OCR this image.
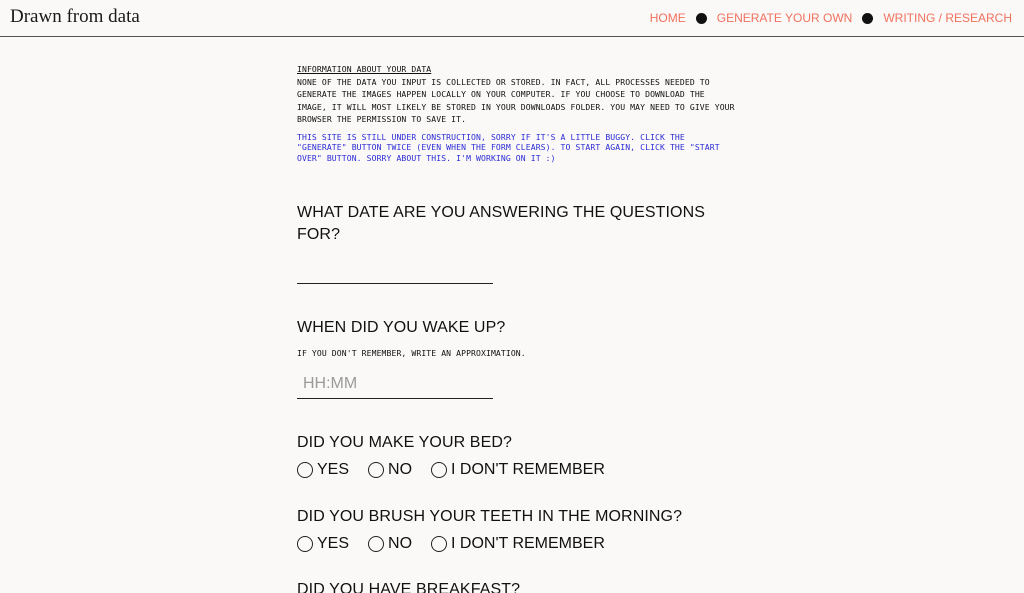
Drawn from data	HOME	GENERATE YOUR OWN	WRITING / RESEARCH

INFORMATION ABOUT YOUR DATA

NONE OF THE DATA YOU INPUT IS COLLECTED OR STORED. IN FACT, ALL PROCESSES NEEDED TO GENERATE THE IMAGES HAPPEN LOCALLY ON YOUR COMPUTER. IF YOU CHOOSE TO DOWNLOAD THE IMAGE, IT WILL MOST LIKELY BE STORED IN YOUR DOWNLOADS FOLDER. YOU MAY NEED TO GIVE YOUR BROWSER THE PERMISSION TO SAVE IT.

THIS SITE IS STILL UNDER CONSTRUCTION, SORRY IF IT'S A LITTLE BUGGY. CLICK THE "GENERATE" BUTTON TWICE (EVEN WHEN THE FORM CLEARS). TO START AGAIN, CLICK THE "START OVER" BUTTON. SORRY ABOUT THIS. I'M WORKING ON IT :)

WHAT DATE ARE YOU ANSWERING THE QUESTIONS FOR?

WHEN DID YOU WAKE UP?

IF YOU DON'T REMEMBER, WRITE AN APPROXIMATION.

HH:MM

DID YOU MAKE YOUR BED?

YES NO I DON'T REMEMBER

DID YOU BRUSH YOUR TEETH IN THE MORNING?

YES NO I DON'T REMEMBER

DID YOU HAVE BREAKFAST?
